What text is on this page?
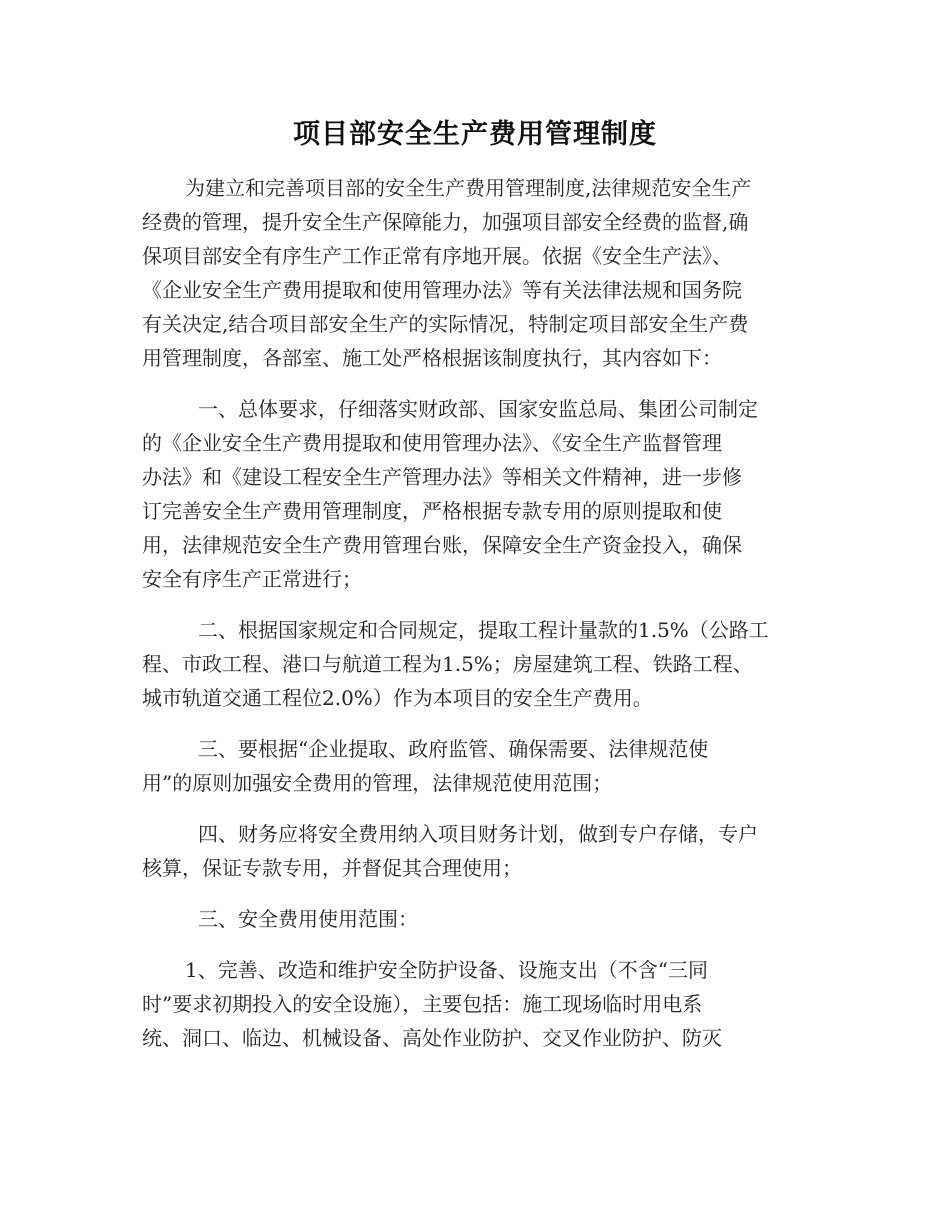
项目部安全生产费用管理制度
为建立和完善项目部的安全生产费用管理制度,法律规范安全生产
经费的管理，提升安全生产保障能力，加强项目部安全经费的监督,确
保项目部安全有序生产工作正常有序地开展。依据《安全生产法》、
《企业安全生产费用提取和使用管理办法》等有关法律法规和国务院
有关决定,结合项目部安全生产的实际情况，特制定项目部安全生产费
用管理制度，各部室、施工处严格根据该制度执行，其内容如下：
一、总体要求，仔细落实财政部、国家安监总局、集团公司制定
的《企业安全生产费用提取和使用管理办法》、《安全生产监督管理
办法》和《建设工程安全生产管理办法》等相关文件精神，进一步修
订完善安全生产费用管理制度，严格根据专款专用的原则提取和使
用，法律规范安全生产费用管理台账，保障安全生产资金投入，确保
安全有序生产正常进行；
二、根据国家规定和合同规定，提取工程计量款的1.5%（公路工
程、市政工程、港口与航道工程为1.5%；房屋建筑工程、铁路工程、
城市轨道交通工程位2.0%）作为本项目的安全生产费用。
三、要根据“企业提取、政府监管、确保需要、法律规范使
用”的原则加强安全费用的管理，法律规范使用范围；
四、财务应将安全费用纳入项目财务计划，做到专户存储，专户
核算，保证专款专用，并督促其合理使用；
三、安全费用使用范围：
1、完善、改造和维护安全防护设备、设施支出（不含“三同
时”要求初期投入的安全设施），主要包括：施工现场临时用电系
统、洞口、临边、机械设备、高处作业防护、交叉作业防护、防灭
